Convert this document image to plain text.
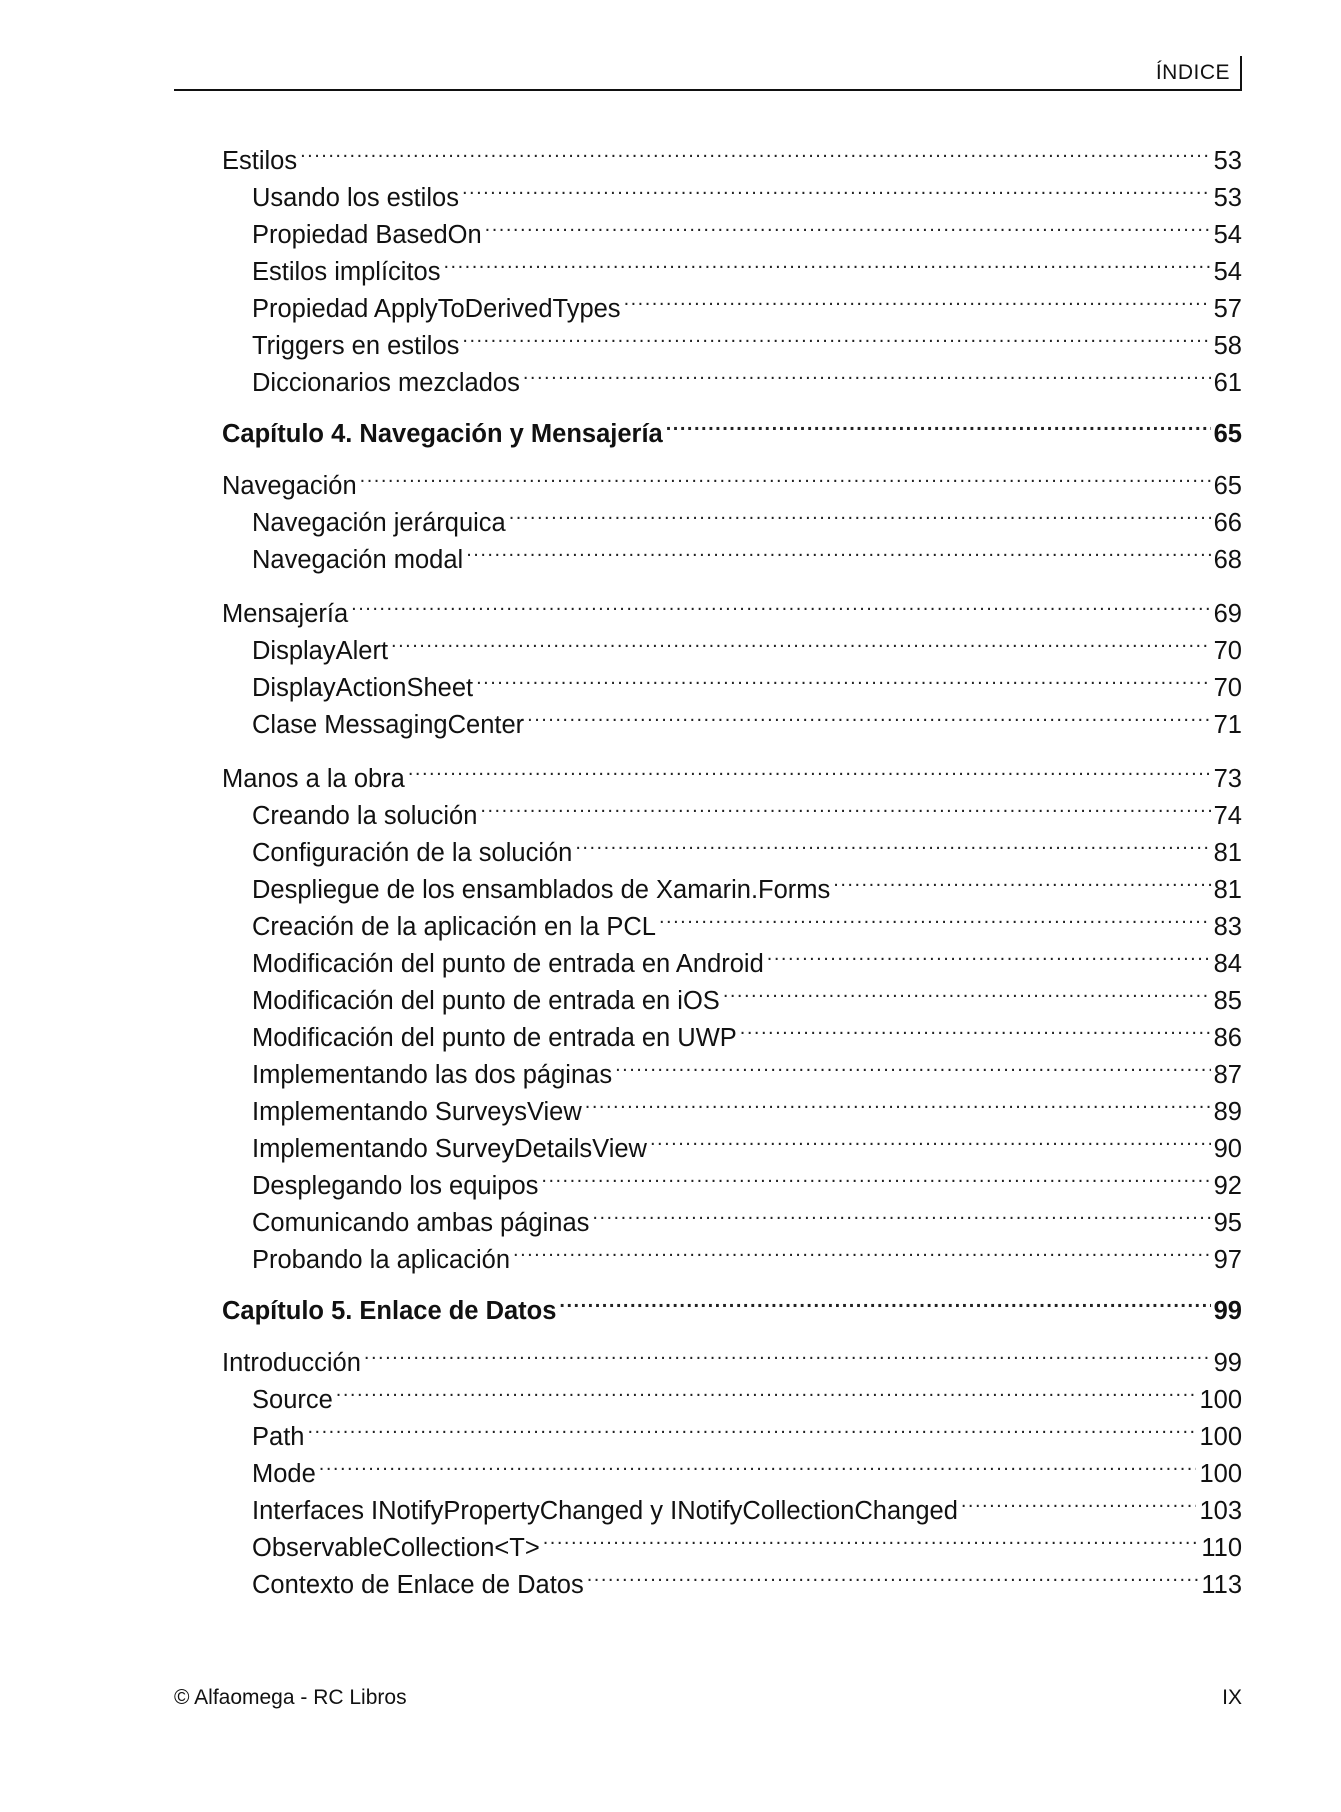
ÍNDICE
Estilos .....	53
Usando los estilos .....	53
Propiedad BasedOn .....	54
Estilos implícitos .....	54
Propiedad ApplyToDerivedTypes .....	57
Triggers en estilos .....	58
Diccionarios mezclados .....	61
Capítulo 4. Navegación y Mensajería .....	65
Navegación .....	65
Navegación jerárquica .....	66
Navegación modal .....	68
Mensajería .....	69
DisplayAlert .....	70
DisplayActionSheet .....	70
Clase MessagingCenter .....	71
Manos a la obra .....	73
Creando la solución .....	74
Configuración de la solución .....	81
Despliegue de los ensamblados de Xamarin.Forms .....	81
Creación de la aplicación en la PCL .....	83
Modificación del punto de entrada en Android .....	84
Modificación del punto de entrada en iOS .....	85
Modificación del punto de entrada en UWP .....	86
Implementando las dos páginas .....	87
Implementando SurveysView .....	89
Implementando SurveyDetailsView .....	90
Desplegando los equipos .....	92
Comunicando ambas páginas .....	95
Probando la aplicación .....	97
Capítulo 5. Enlace de Datos .....	99
Introducción .....	99
Source .....	100
Path .....	100
Mode .....	100
Interfaces INotifyPropertyChanged y INotifyCollectionChanged .....	103
ObservableCollection<T> .....	110
Contexto de Enlace de Datos .....	113
© Alfaomega - RC Libros	IX
